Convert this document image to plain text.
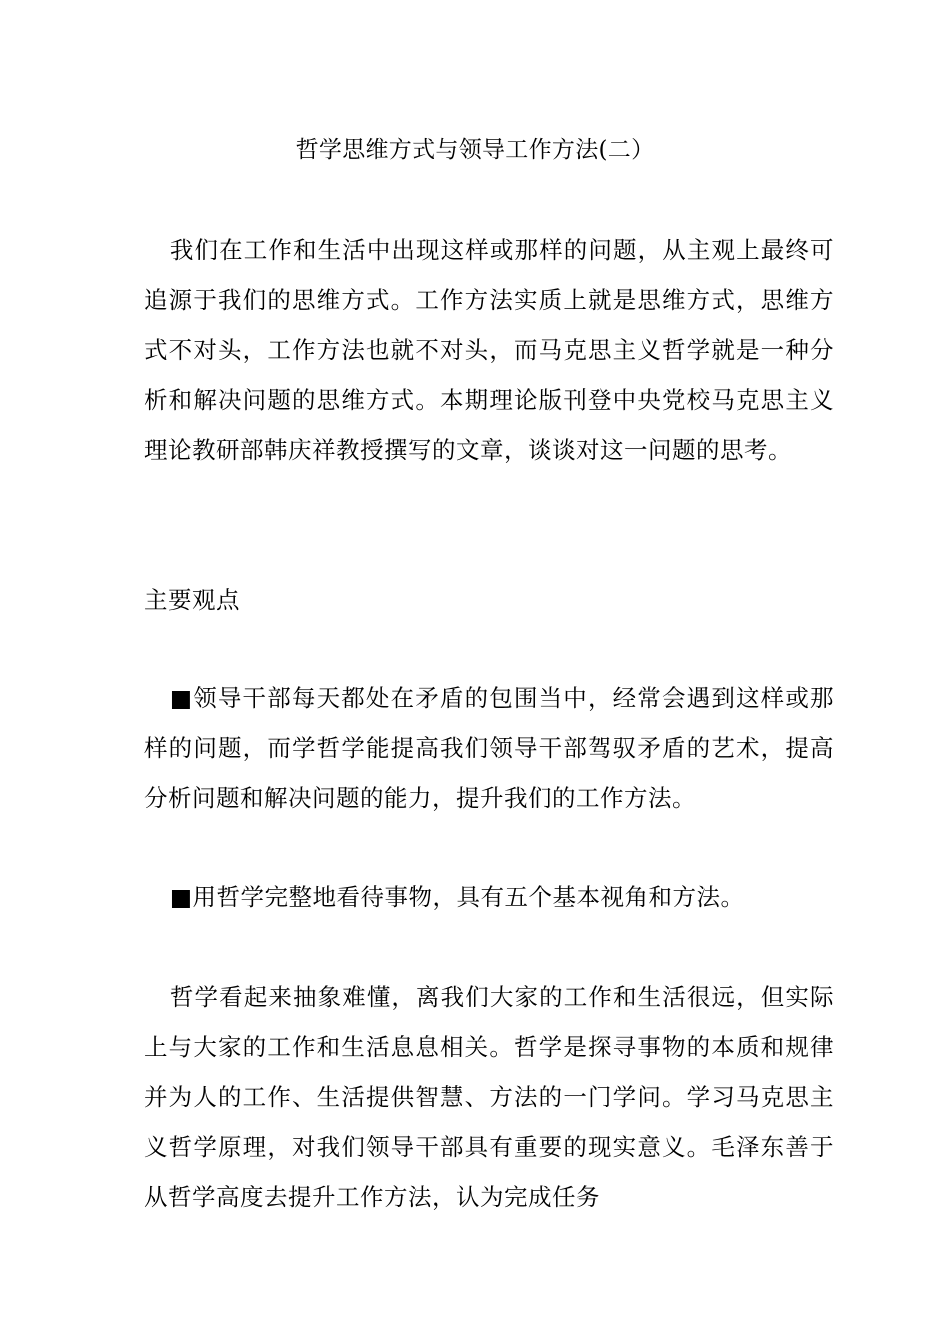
哲学思维方式与领导工作方法(二）

我们在工作和生活中出现这样或那样的问题，从主观上最终可追源于我们的思维方式。工作方法实质上就是思维方式，思维方式不对头，工作方法也就不对头，而马克思主义哲学就是一种分析和解决问题的思维方式。本期理论版刊登中央党校马克思主义理论教研部韩庆祥教授撰写的文章，谈谈对这一问题的思考。

主要观点

■领导干部每天都处在矛盾的包围当中，经常会遇到这样或那样的问题，而学哲学能提高我们领导干部驾驭矛盾的艺术，提高分析问题和解决问题的能力，提升我们的工作方法。

■用哲学完整地看待事物，具有五个基本视角和方法。

哲学看起来抽象难懂，离我们大家的工作和生活很远，但实际上与大家的工作和生活息息相关。哲学是探寻事物的本质和规律并为人的工作、生活提供智慧、方法的一门学问。学习马克思主义哲学原理，对我们领导干部具有重要的现实意义。毛泽东善于从哲学高度去提升工作方法，认为完成任务
